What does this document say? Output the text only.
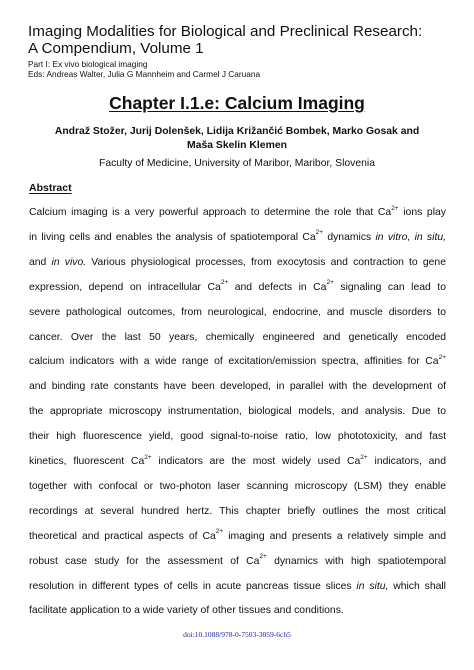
Imaging Modalities for Biological and Preclinical Research:
A Compendium, Volume 1
Part I: Ex vivo biological imaging
Eds: Andreas Walter, Julia G Mannheim and Carmel J Caruana
Chapter I.1.e: Calcium Imaging
Andraž Stožer, Jurij Dolenšek, Lidija Križančić Bombek, Marko Gosak and
Maša Skelin Klemen
Faculty of Medicine, University of Maribor, Maribor, Slovenia
Abstract
Calcium imaging is a very powerful approach to determine the role that $Ca^{2+}$ ions play
in living cells and enables the analysis of spatiotemporal $Ca^{2+}$ dynamics in vitro, in situ,
and in vivo. Various physiological processes, from exocytosis and contraction to gene
expression, depend on intracellular $Ca^{2+}$ and defects in $Ca^{2+}$ signaling can lead to
severe pathological outcomes, from neurological, endocrine, and muscle disorders to
cancer. Over the last 50 years, chemically engineered and genetically encoded
calcium indicators with a wide range of excitation/emission spectra, affinities for $Ca^{2+}$
and binding rate constants have been developed, in parallel with the development of
the appropriate microscopy instrumentation, biological models, and analysis. Due to
their high fluorescence yield, good signal-to-noise ratio, low phototoxicity, and fast
kinetics, fluorescent $Ca^{2+}$ indicators are the most widely used $Ca^{2+}$ indicators, and
together with confocal or two-photon laser scanning microscopy (LSM) they enable
recordings at several hundred hertz. This chapter briefly outlines the most critical
theoretical and practical aspects of $Ca^{2+}$ imaging and presents a relatively simple and
robust case study for the assessment of $Ca^{2+}$ dynamics with high spatiotemporal
resolution in different types of cells in acute pancreas tissue slices in situ, which shall
facilitate application to a wide variety of other tissues and conditions.
doi:10.1088/978-0-7503-3059-6ch5
